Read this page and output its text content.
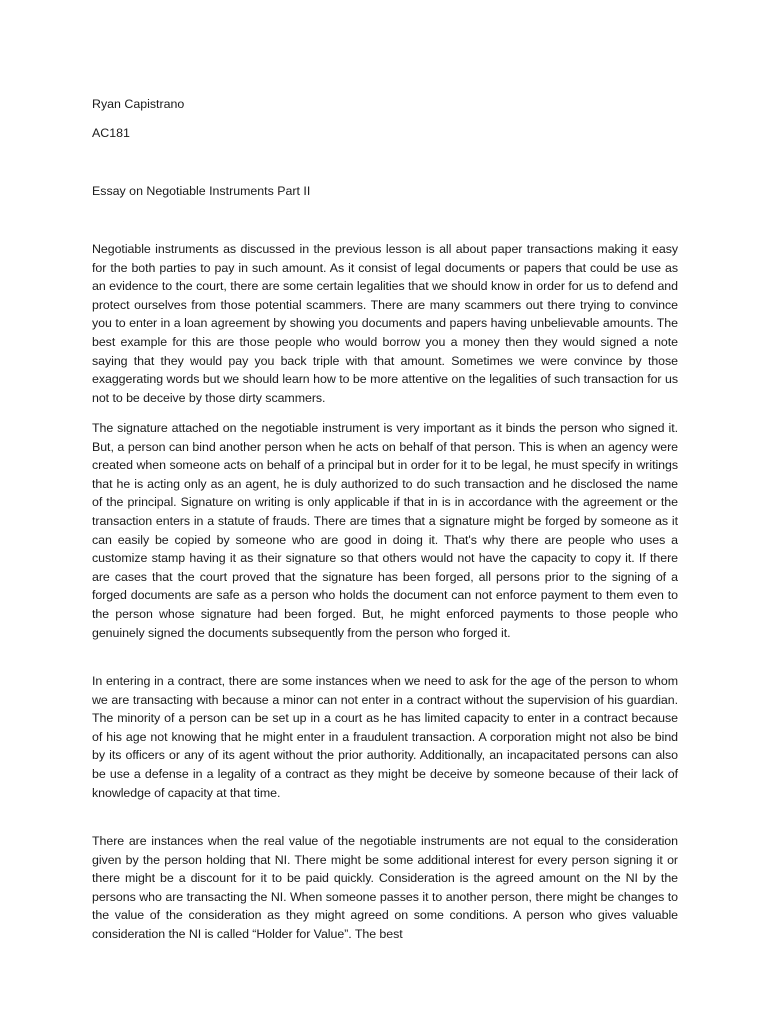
Ryan Capistrano
AC181
Essay on Negotiable Instruments Part II
Negotiable instruments as discussed in the previous lesson is all about paper transactions making it easy for the both parties to pay in such amount. As it consist of legal documents or papers that could be use as an evidence to the court, there are some certain legalities that we should know in order for us to defend and protect ourselves from those potential scammers. There are many scammers out there trying to convince you to enter in a loan agreement by showing you documents and papers having unbelievable amounts. The best example for this are those people who would borrow you a money then they would signed a note saying that they would pay you back triple with that amount. Sometimes we were convince by those exaggerating words but we should learn how to be more attentive on the legalities of such transaction for us not to be deceive by those dirty scammers.
The signature attached on the negotiable instrument is very important as it binds the person who signed it. But, a person can bind another person when he acts on behalf of that person. This is when an agency were created when someone acts on behalf of a principal but in order for it to be legal, he must specify in writings that he is acting only as an agent, he is duly authorized to do such transaction and he disclosed the name of the principal. Signature on writing is only applicable if that in is in accordance with the agreement or the transaction enters in a statute of frauds. There are times that a signature might be forged by someone as it can easily be copied by someone who are good in doing it. That's why there are people who uses a customize stamp having it as their signature so that others would not have the capacity to copy it. If there are cases that the court proved that the signature has been forged, all persons prior to the signing of a forged documents are safe as a person who holds the document can not enforce payment to them even to the person whose signature had been forged. But, he might enforced payments to those people who genuinely signed the documents subsequently from the person who forged it.
In entering in a contract, there are some instances when we need to ask for the age of the person to whom we are transacting with because a minor can not enter in a contract without the supervision of his guardian. The minority of a person can be set up in a court as he has limited capacity to enter in a contract because of his age not knowing that he might enter in a fraudulent transaction. A corporation might not also be bind by its officers or any of its agent without the prior authority. Additionally, an incapacitated persons can also be use a defense in a legality of a contract as they might be deceive by someone because of their lack of knowledge of capacity at that time.
There are instances when the real value of the negotiable instruments are not equal to the consideration given by the person holding that NI. There might be some additional interest for every person signing it or there might be a discount for it to be paid quickly. Consideration is the agreed amount on the NI by the persons who are transacting the NI. When someone passes it to another person, there might be changes to the value of the consideration as they might agreed on some conditions. A person who gives valuable consideration the NI is called “Holder for Value”. The best
